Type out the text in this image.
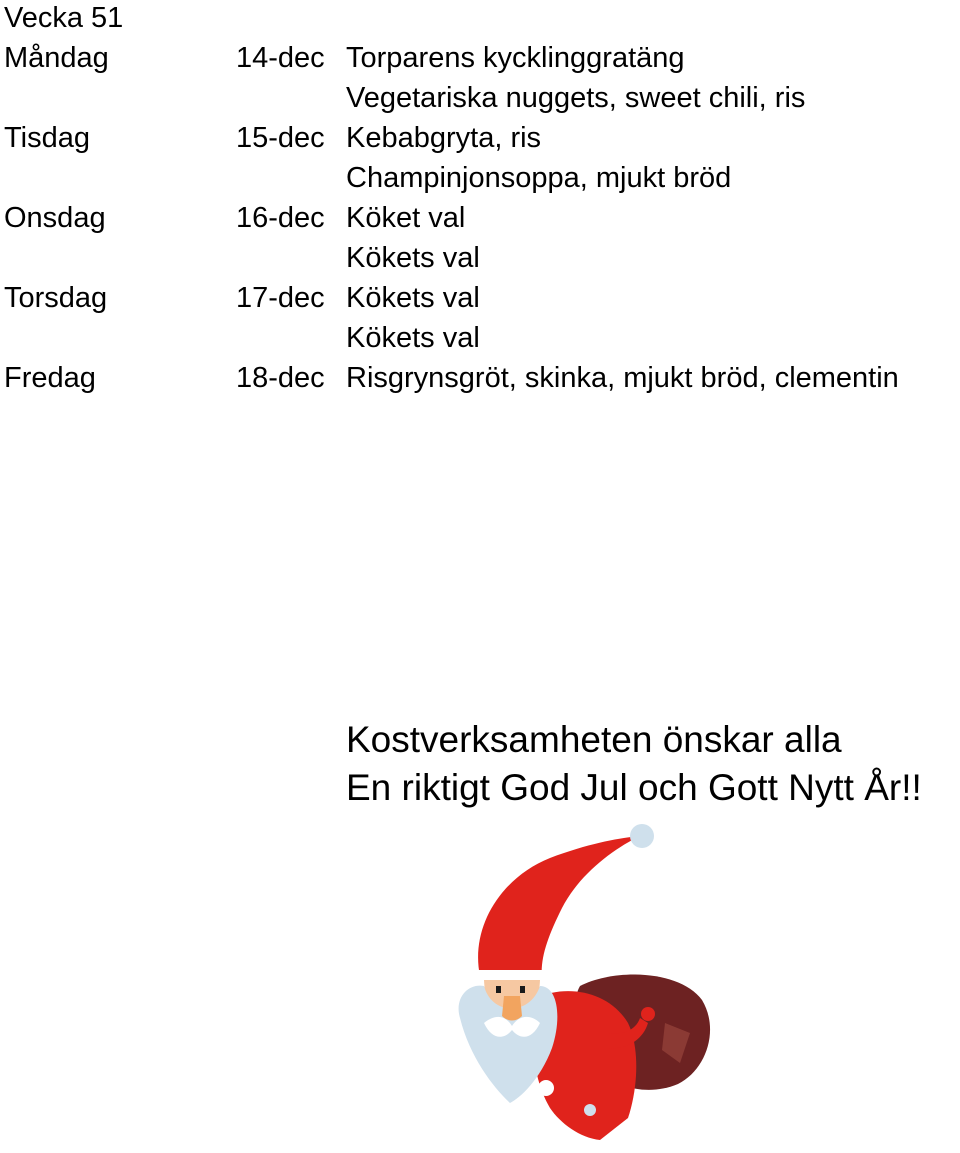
Vecka 51
Måndag	14-dec Torparens kycklinggratäng
Vegetariska nuggets, sweet chili, ris
Tisdag	15-dec Kebabgryta, ris
Champinjonsoppa, mjukt bröd
Onsdag	16-dec Köket val
Kökets val
Torsdag	17-dec Kökets val
Kökets val
Fredag	18-dec Risgrynsgröt, skinka, mjukt bröd, clementin
Kostverksamheten önskar alla
En riktigt God Jul och Gott Nytt År!!
